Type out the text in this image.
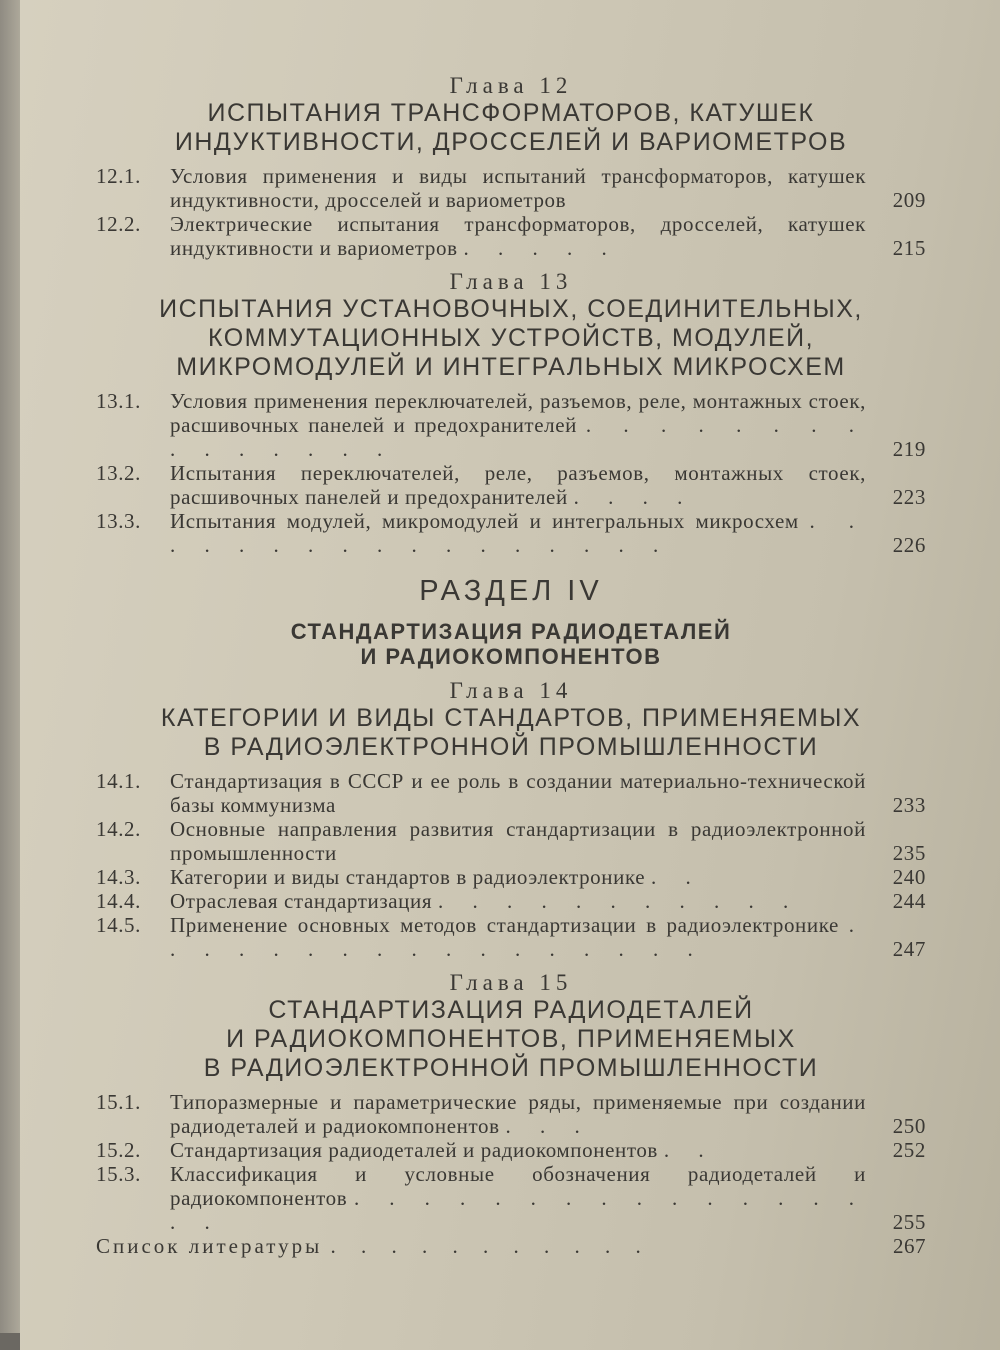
Глава 12

ИСПЫТАНИЯ ТРАНСФОРМАТОРОВ, КАТУШЕК

ИНДУКТИВНОСТИ, ДРОССЕЛЕЙ И ВАРИОМЕТРОВ

12.1.	Условия применения и виды испытаний трансформаторов, катушек индуктивности, дросселей и вариометров	209
12.2.	Электрические испытания трансформаторов, дросселей, катушек индуктивности и вариометров . . . . .	215

Глава 13

ИСПЫТАНИЯ УСТАНОВОЧНЫХ, СОЕДИНИТЕЛЬНЫХ,

КОММУТАЦИОННЫХ УСТРОЙСТВ, МОДУЛЕЙ,

МИКРОМОДУЛЕЙ И ИНТЕГРАЛЬНЫХ МИКРОСХЕМ

13.1.	Условия применения переключателей, разъемов, реле, монтажных стоек, расшивочных панелей и предохранителей . . . . . . . . . . . . . . .	219
13.2.	Испытания переключателей, реле, разъемов, монтажных стоек, расшивочных панелей и предохранителей . . . .	223
13.3.	Испытания модулей, микромодулей и интегральных микросхем . . . . . . . . . . . . . . . . .	226

РАЗДЕЛ IV

СТАНДАРТИЗАЦИЯ РАДИОДЕТАЛЕЙ

И РАДИОКОМПОНЕНТОВ

Глава 14

КАТЕГОРИИ И ВИДЫ СТАНДАРТОВ, ПРИМЕНЯЕМЫХ

В РАДИОЭЛЕКТРОННОЙ ПРОМЫШЛЕННОСТИ

14.1.	Стандартизация в СССР и ее роль в создании материально-технической базы коммунизма	233
14.2.	Основные направления развития стандартизации в радиоэлектронной промышленности	235
14.3.	Категории и виды стандартов в радиоэлектронике . .	240
14.4.	Отраслевая стандартизация . . . . . . . . . . .	244
14.5.	Применение основных методов стандартизации в радиоэлектронике . . . . . . . . . . . . . . . . .	247

Глава 15

СТАНДАРТИЗАЦИЯ РАДИОДЕТАЛЕЙ

И РАДИОКОМПОНЕНТОВ, ПРИМЕНЯЕМЫХ

В РАДИОЭЛЕКТРОННОЙ ПРОМЫШЛЕННОСТИ

15.1.	Типоразмерные и параметрические ряды, применяемые при создании радиодеталей и радиокомпонентов . . .	250
15.2.	Стандартизация радиодеталей и радиокомпонентов . .	252
15.3.	Классификация и условные обозначения радиодеталей и радиокомпонентов . . . . . . . . . . . . . . . . .	255
Список литературы . . . . . . . . . . .	267
